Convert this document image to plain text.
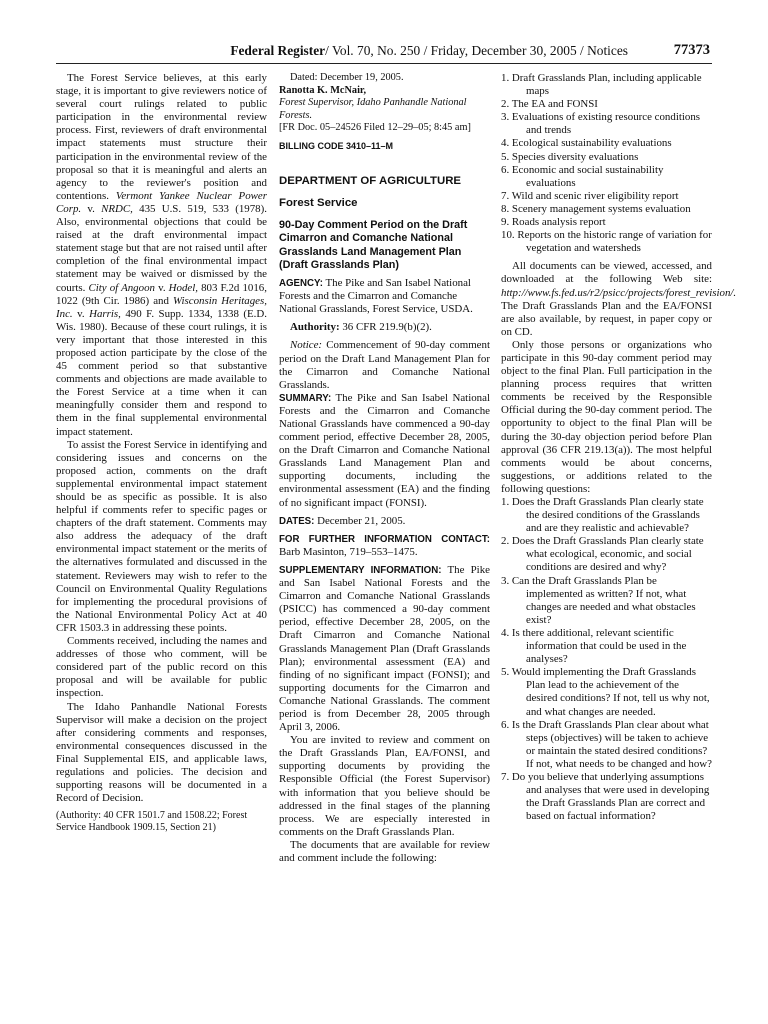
Federal Register/ Vol. 70, No. 250 / Friday, December 30, 2005 / Notices	77373

The Forest Service believes, at this early stage, it is important to give reviewers notice of several court rulings related to public participation in the environmental review process. First, reviewers of draft environmental impact statements must structure their participation in the environmental review of the proposal so that it is meaningful and alerts an agency to the reviewer's position and contentions. Vermont Yankee Nuclear Power Corp. v. NRDC, 435 U.S. 519, 533 (1978). Also, environmental objections that could be raised at the draft environmental impact statement stage but that are not raised until after completion of the final environmental impact statement may be waived or dismissed by the courts. City of Angoon v. Hodel, 803 F.2d 1016, 1022 (9th Cir. 1986) and Wisconsin Heritages, Inc. v. Harris, 490 F. Supp. 1334, 1338 (E.D. Wis. 1980). Because of these court rulings, it is very important that those interested in this proposed action participate by the close of the 45 comment period so that substantive comments and objections are made available to the Forest Service at a time when it can meaningfully consider them and respond to them in the final supplemental environmental impact statement.

To assist the Forest Service in identifying and considering issues and concerns on the proposed action, comments on the draft supplemental environmental impact statement should be as specific as possible. It is also helpful if comments refer to specific pages or chapters of the draft statement. Comments may also address the adequacy of the draft environmental impact statement or the merits of the alternatives formulated and discussed in the statement. Reviewers may wish to refer to the Council on Environmental Quality Regulations for implementing the procedural provisions of the National Environmental Policy Act at 40 CFR 1503.3 in addressing these points.

Comments received, including the names and addresses of those who comment, will be considered part of the public record on this proposal and will be available for public inspection.

The Idaho Panhandle National Forests Supervisor will make a decision on the project after considering comments and responses, environmental consequences discussed in the Final Supplemental EIS, and applicable laws, regulations and policies. The decision and supporting reasons will be documented in a Record of Decision.

(Authority: 40 CFR 1501.7 and 1508.22; Forest Service Handbook 1909.15, Section 21)

Dated: December 19, 2005.

Ranotta K. McNair,

Forest Supervisor, Idaho Panhandle National Forests.

[FR Doc. 05–24526 Filed 12–29–05; 8:45 am]

BILLING CODE 3410–11–M

DEPARTMENT OF AGRICULTURE

Forest Service

90-Day Comment Period on the Draft Cimarron and Comanche National Grasslands Land Management Plan (Draft Grasslands Plan)

AGENCY: The Pike and San Isabel National Forests and the Cimarron and Comanche National Grasslands, Forest Service, USDA.

Authority: 36 CFR 219.9(b)(2).

Notice: Commencement of 90-day comment period on the Draft Land Management Plan for the Cimarron and Comanche National Grasslands.

SUMMARY: The Pike and San Isabel National Forests and the Cimarron and Comanche National Grasslands have commenced a 90-day comment period, effective December 28, 2005, on the Draft Cimarron and Comanche National Grasslands Land Management Plan and supporting documents, including the environmental assessment (EA) and the finding of no significant impact (FONSI).

DATES: December 21, 2005.

FOR FURTHER INFORMATION CONTACT: Barb Masinton, 719–553–1475.

SUPPLEMENTARY INFORMATION: The Pike and San Isabel National Forests and the Cimarron and Comanche National Grasslands (PSICC) has commenced a 90-day comment period, effective December 28, 2005, on the Draft Cimarron and Comanche National Grasslands Management Plan (Draft Grasslands Plan); environmental assessment (EA) and finding of no significant impact (FONSI); and supporting documents for the Cimarron and Comanche National Grasslands. The comment period is from December 28, 2005 through April 3, 2006.

You are invited to review and comment on the Draft Grasslands Plan, EA/FONSI, and supporting documents by providing the Responsible Official (the Forest Supervisor) with information that you believe should be addressed in the final stages of the planning process. We are especially interested in comments on the Draft Grasslands Plan.

The documents that are available for review and comment include the following:

1. Draft Grasslands Plan, including applicable maps
2. The EA and FONSI
3. Evaluations of existing resource conditions and trends
4. Ecological sustainability evaluations
5. Species diversity evaluations
6. Economic and social sustainability evaluations
7. Wild and scenic river eligibility report
8. Scenery management systems evaluation
9. Roads analysis report
10. Reports on the historic range of variation for vegetation and watersheds

All documents can be viewed, accessed, and downloaded at the following Web site: http://www.fs.fed.us/r2/psicc/projects/forest_revision/. The Draft Grasslands Plan and the EA/FONSI are also available, by request, in paper copy or on CD.

Only those persons or organizations who participate in this 90-day comment period may object to the final Plan. Full participation in the planning process requires that written comments be received by the Responsible Official during the 90-day comment period. The opportunity to object to the final Plan will be during the 30-day objection period before Plan approval (36 CFR 219.13(a)). The most helpful comments would be about concerns, suggestions, or additions related to the following questions:

1. Does the Draft Grasslands Plan clearly state the desired conditions of the Grasslands and are they realistic and achievable?
2. Does the Draft Grasslands Plan clearly state what ecological, economic, and social conditions are desired and why?
3. Can the Draft Grasslands Plan be implemented as written? If not, what changes are needed and what obstacles exist?
4. Is there additional, relevant scientific information that could be used in the analyses?
5. Would implementing the Draft Grasslands Plan lead to the achievement of the desired conditions? If not, tell us why not, and what changes are needed.
6. Is the Draft Grasslands Plan clear about what steps (objectives) will be taken to achieve or maintain the stated desired conditions? If not, what needs to be changed and how?
7. Do you believe that underlying assumptions and analyses that were used in developing the Draft Grasslands Plan are correct and based on factual information?
